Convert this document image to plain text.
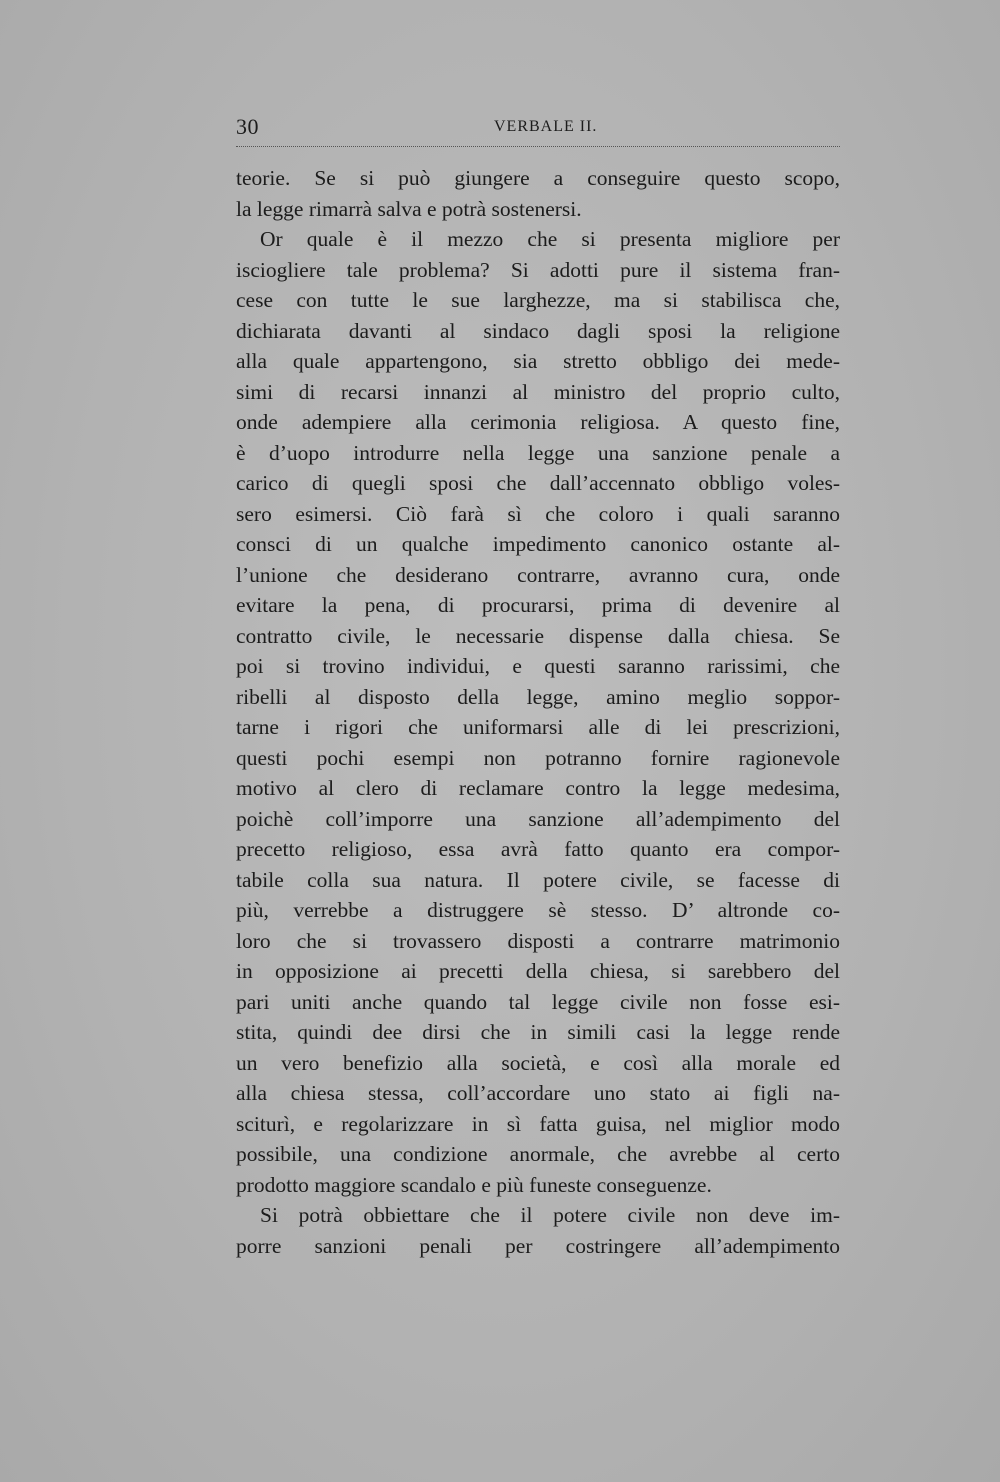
30	VERBALE II.
teorie. Se si può giungere a conseguire questo scopo,
la legge rimarrà salva e potrà sostenersi.
Or quale è il mezzo che si presenta migliore per
isciogliere tale problema? Si adotti pure il sistema fran-
cese con tutte le sue larghezze, ma si stabilisca che,
dichiarata davanti al sindaco dagli sposi la religione
alla quale appartengono, sia stretto obbligo dei mede-
simi di recarsi innanzi al ministro del proprio culto,
onde adempiere alla cerimonia religiosa. A questo fine,
è d’uopo introdurre nella legge una sanzione penale a
carico di quegli sposi che dall’accennato obbligo voles-
sero esimersi. Ciò farà sì che coloro i quali saranno
consci di un qualche impedimento canonico ostante al-
l’unione che desiderano contrarre, avranno cura, onde
evitare la pena, di procurarsi, prima di devenire al
contratto civile, le necessarie dispense dalla chiesa. Se
poi si trovino individui, e questi saranno rarissimi, che
ribelli al disposto della legge, amino meglio soppor-
tarne i rigori che uniformarsi alle di lei prescrizioni,
questi pochi esempi non potranno fornire ragionevole
motivo al clero di reclamare contro la legge medesima,
poichè coll’imporre una sanzione all’adempimento del
precetto religioso, essa avrà fatto quanto era compor-
tabile colla sua natura. Il potere civile, se facesse di
più, verrebbe a distruggere sè stesso. D’ altronde co-
loro che si trovassero disposti a contrarre matrimonio
in opposizione ai precetti della chiesa, si sarebbero del
pari uniti anche quando tal legge civile non fosse esi-
stita, quindi dee dirsi che in simili casi la legge rende
un vero benefizio alla società, e così alla morale ed
alla chiesa stessa, coll’accordare uno stato ai figli na-
sciturì, e regolarizzare in sì fatta guisa, nel miglior modo
possibile, una condizione anormale, che avrebbe al certo
prodotto maggiore scandalo e più funeste conseguenze.
Si potrà obbiettare che il potere civile non deve im-
porre sanzioni penali per costringere all’adempimento
